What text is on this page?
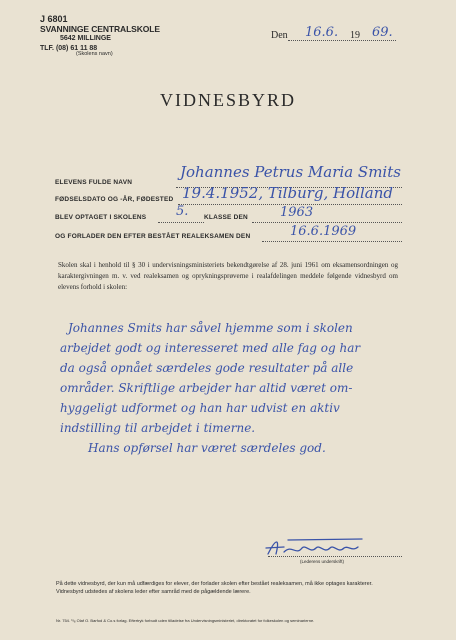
J 6801
SVANNINGE CENTRALSKOLE
5642 MILLINGE
TLF. (08) 61 11 88
(Skolens navn)
Den 16.6. 19 69.
VIDNESBYRD
ELEVENS FULDE NAVN
Johannes Petrus Maria Smits
FØDSELSDATO OG -ÅR, FØDESTED 19.4.1952, Tilburg, Holland
BLEV OPTAGET I SKOLENS 5. KLASSE DEN 1963
OG FORLADER DEN EFTER BESTÅET REALEKSAMEN DEN	16.6.1969
Skolen skal i henhold til § 30 i undervisningsministeriets bekendtgørelse af 28. juni 1961 om eksamensordningen og karaktergivningen m. v. ved realeksamen og oprykningsprøverne i realafdelingen meddele følgende vidnesbyrd om elevens forhold i skolen:
Johannes Smits har såvel hjemme som i skolen
arbejdet godt og interesseret med alle fag og har
da også opnået særdeles gode resultater på alle
områder. Skriftlige arbejder har altid været om-
hyggeligt udformet og han har udvist en aktiv
indstilling til arbejdet i timerne.
Hans opførsel har været særdeles god.
(Lederens underskrift)
På dette vidnesbyrd, der kun må udfærdiges for elever, der forlader skolen efter bestået realeksamen, må ikke optages karakterer.
Vidnesbyrd udstedes af skolens leder efter samråd med de pågældende lærere.
Nr. 754. ⁶/₈ Olaf O. Barfod & Co.s forlag. Eftertryk forbudt uden tilladelse fra Undervisningsministeriet, direktoratet for folkeskolen og seminarierne.
